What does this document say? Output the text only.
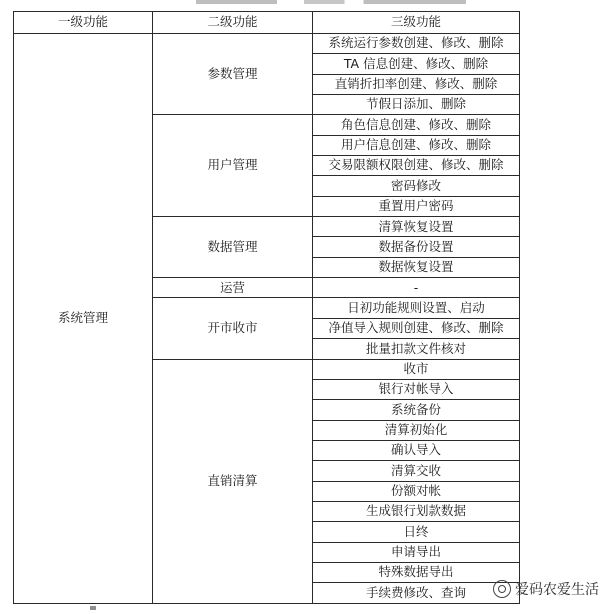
一级功能	二级功能	三级功能
系统管理	参数管理	系统运行参数创建、修改、删除
		TA 信息创建、修改、删除
		直销折扣率创建、修改、删除
		节假日添加、删除
	用户管理	角色信息创建、修改、删除
		用户信息创建、修改、删除
		交易限额权限创建、修改、删除
		密码修改
		重置用户密码
	数据管理	清算恢复设置
		数据备份设置
		数据恢复设置
	运营	-
	开市收市	日初功能规则设置、启动
		净值导入规则创建、修改、删除
		批量扣款文件核对
	直销清算	收市
		银行对帐导入
		系统备份
		清算初始化
		确认导入
		清算交收
		份额对帐
		生成银行划款数据
		日终
		申请导出
		特殊数据导出
		手续费修改、查询	爱码农爱生活
